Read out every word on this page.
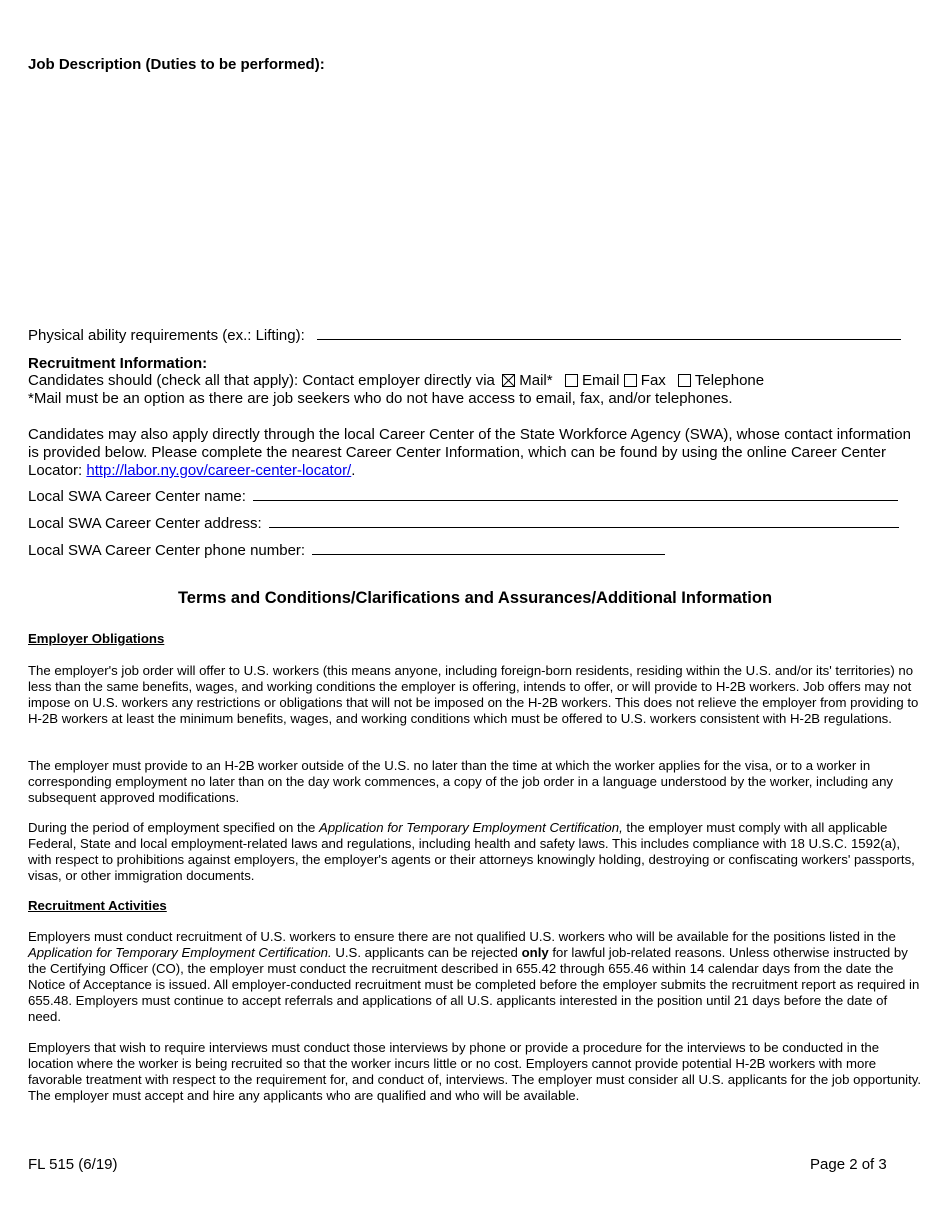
Job Description (Duties to be performed):
Physical ability requirements (ex.: Lifting):
Recruitment Information:
Candidates should (check all that apply): Contact employer directly via Mail* Email Fax Telephone
*Mail must be an option as there are job seekers who do not have access to email, fax, and/or telephones.
Candidates may also apply directly through the local Career Center of the State Workforce Agency (SWA), whose contact information is provided below. Please complete the nearest Career Center Information, which can be found by using the online Career Center Locator: http://labor.ny.gov/career-center-locator/.
Local SWA Career Center name:
Local SWA Career Center address:
Local SWA Career Center phone number:
Terms and Conditions/Clarifications and Assurances/Additional Information
Employer Obligations
The employer's job order will offer to U.S. workers (this means anyone, including foreign-born residents, residing within the U.S. and/or its' territories) no less than the same benefits, wages, and working conditions the employer is offering, intends to offer, or will provide to H-2B workers. Job offers may not impose on U.S. workers any restrictions or obligations that will not be imposed on the H-2B workers. This does not relieve the employer from providing to H-2B workers at least the minimum benefits, wages, and working conditions which must be offered to U.S. workers consistent with H-2B regulations.
The employer must provide to an H-2B worker outside of the U.S. no later than the time at which the worker applies for the visa, or to a worker in corresponding employment no later than on the day work commences, a copy of the job order in a language understood by the worker, including any subsequent approved modifications.
During the period of employment specified on the Application for Temporary Employment Certification, the employer must comply with all applicable Federal, State and local employment-related laws and regulations, including health and safety laws. This includes compliance with 18 U.S.C. 1592(a), with respect to prohibitions against employers, the employer's agents or their attorneys knowingly holding, destroying or confiscating workers' passports, visas, or other immigration documents.
Recruitment Activities
Employers must conduct recruitment of U.S. workers to ensure there are not qualified U.S. workers who will be available for the positions listed in the Application for Temporary Employment Certification. U.S. applicants can be rejected only for lawful job-related reasons. Unless otherwise instructed by the Certifying Officer (CO), the employer must conduct the recruitment described in 655.42 through 655.46 within 14 calendar days from the date the Notice of Acceptance is issued. All employer-conducted recruitment must be completed before the employer submits the recruitment report as required in 655.48. Employers must continue to accept referrals and applications of all U.S. applicants interested in the position until 21 days before the date of need.
Employers that wish to require interviews must conduct those interviews by phone or provide a procedure for the interviews to be conducted in the location where the worker is being recruited so that the worker incurs little or no cost. Employers cannot provide potential H-2B workers with more favorable treatment with respect to the requirement for, and conduct of, interviews. The employer must consider all U.S. applicants for the job opportunity. The employer must accept and hire any applicants who are qualified and who will be available.
FL 515 (6/19)	Page 2 of 3
